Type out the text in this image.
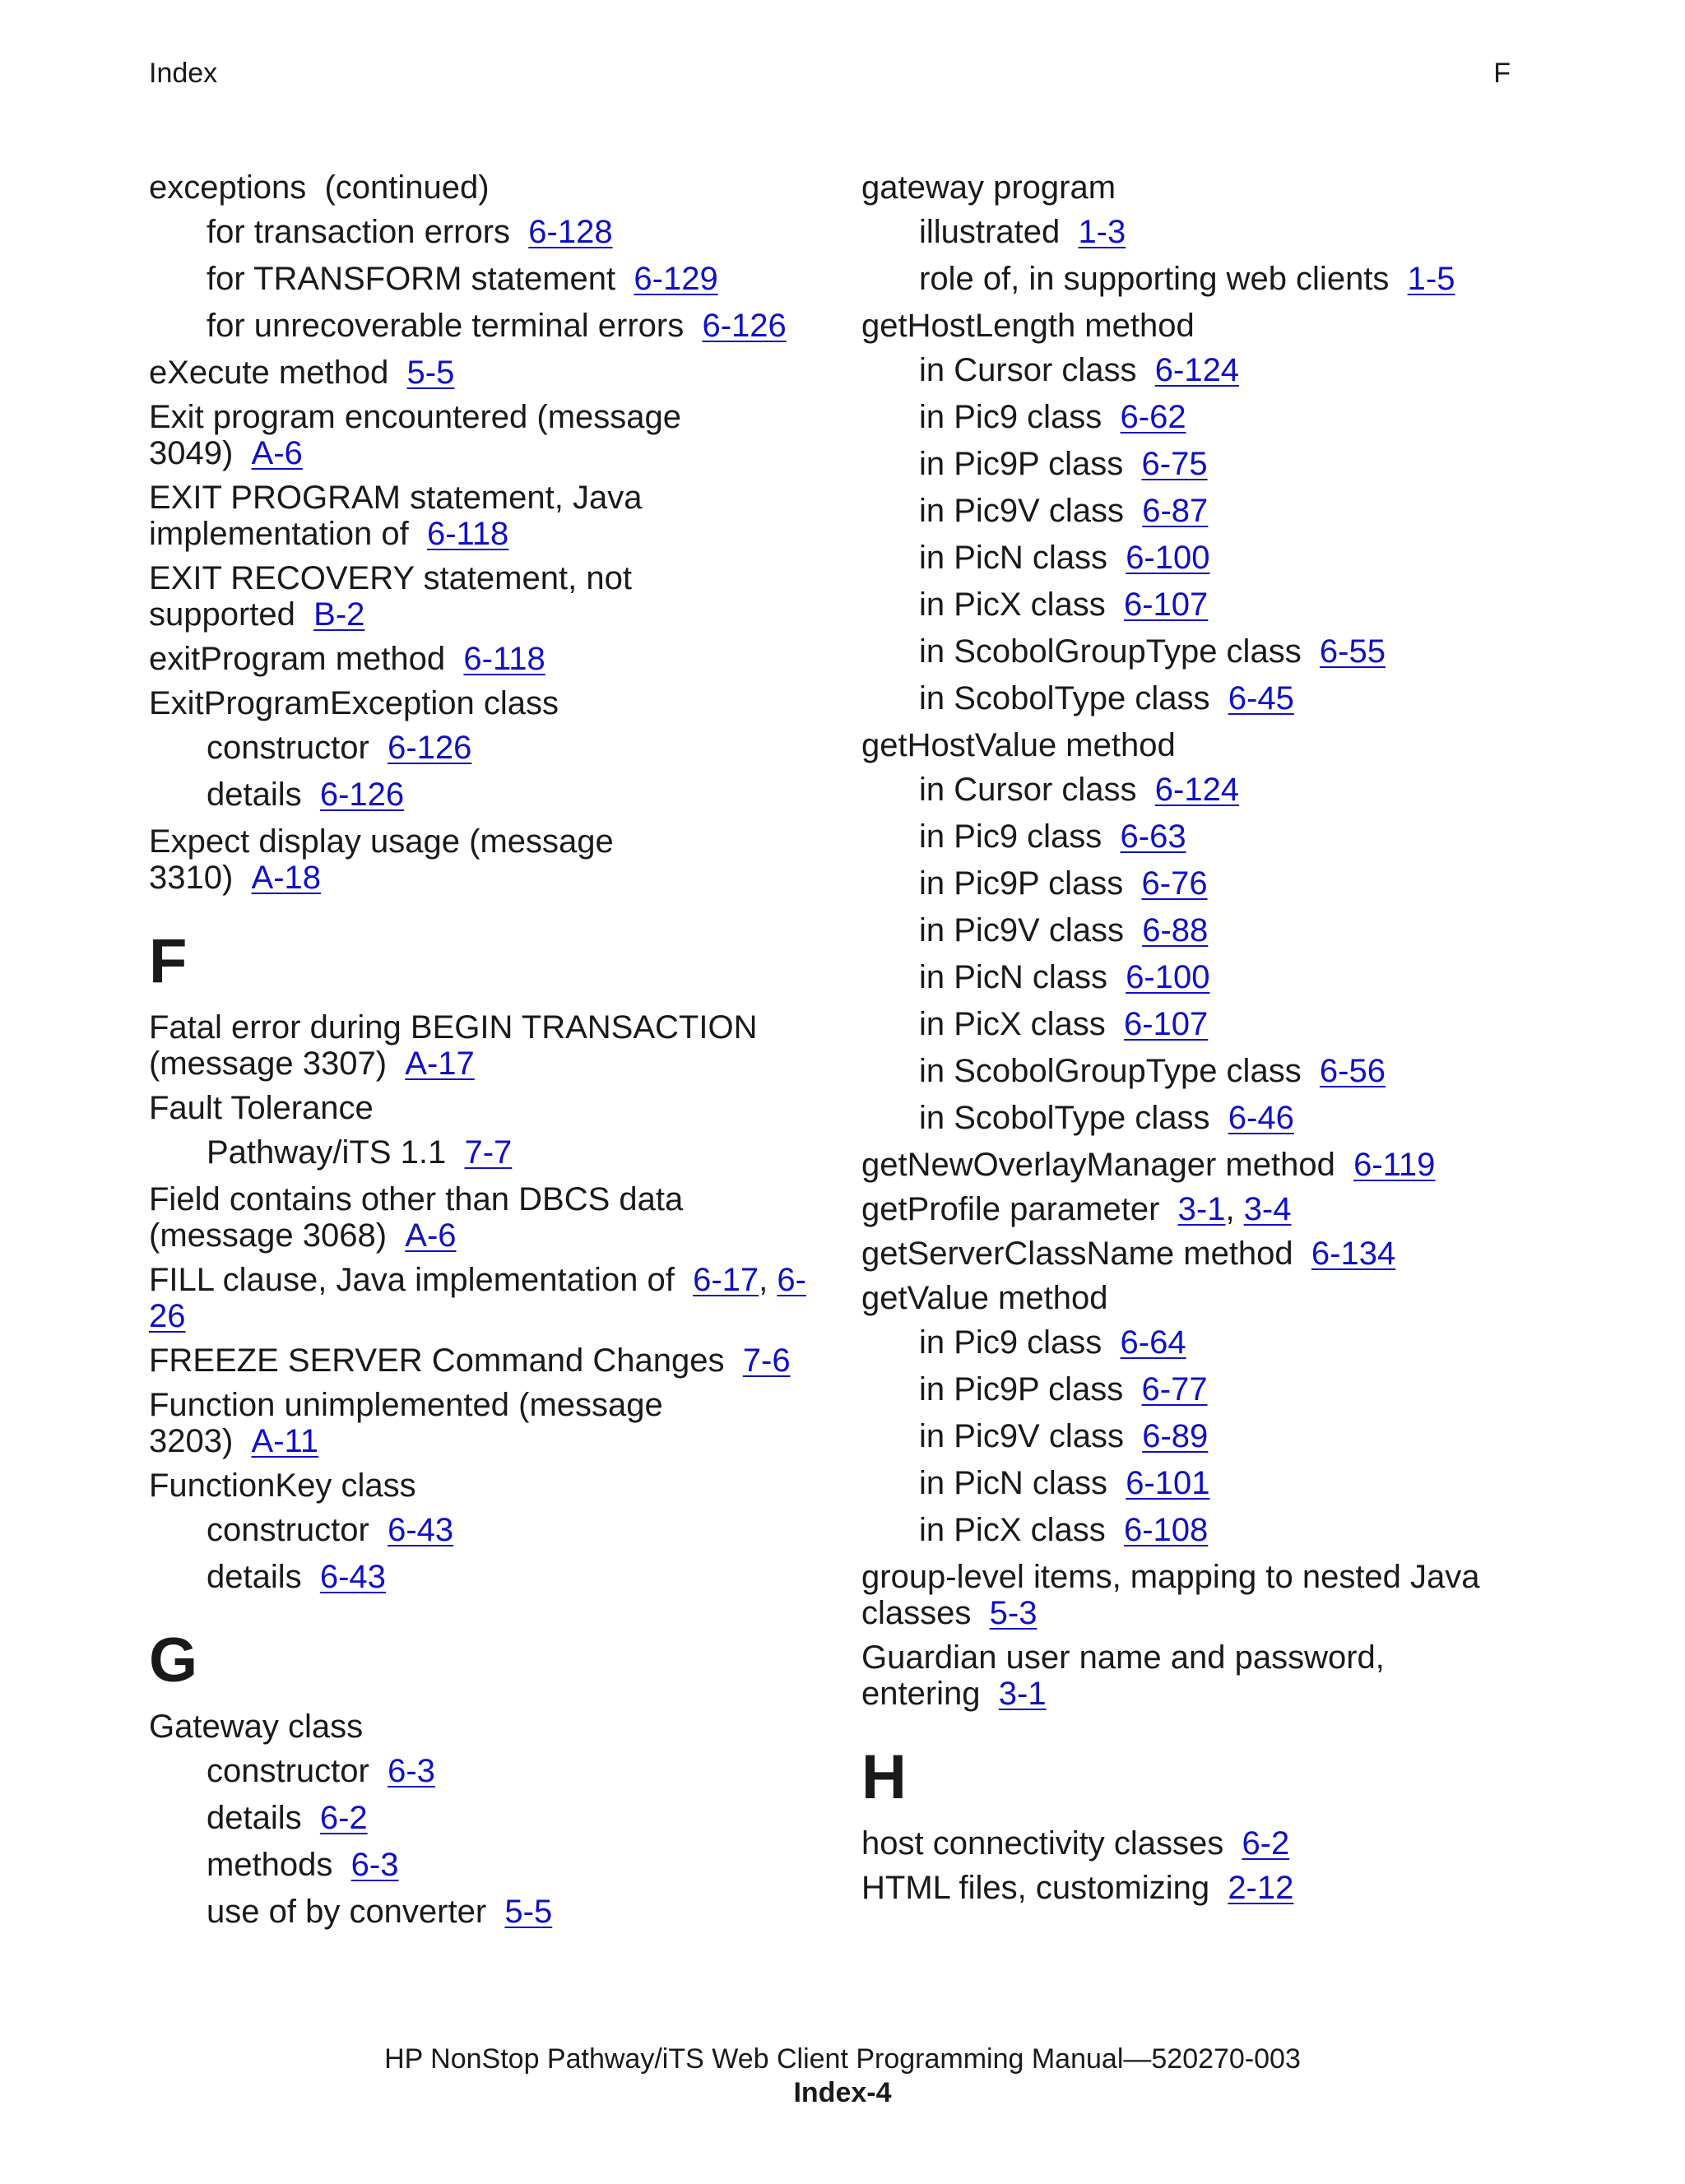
Index	F
exceptions  (continued)
for transaction errors 6-128
for TRANSFORM statement 6-129
for unrecoverable terminal errors 6-126
eXecute method 5-5
Exit program encountered (message
3049) A-6
EXIT PROGRAM statement, Java
implementation of 6-118
EXIT RECOVERY statement, not
supported B-2
exitProgram method 6-118
ExitProgramException class
constructor 6-126
details 6-126
Expect display usage (message
3310) A-18
F
Fatal error during BEGIN TRANSACTION
(message 3307) A-17
Fault Tolerance
Pathway/iTS 1.1 7-7
Field contains other than DBCS data
(message 3068) A-6
FILL clause, Java implementation of 6-17, 6-26
FREEZE SERVER Command Changes 7-6
Function unimplemented (message
3203) A-11
FunctionKey class
constructor 6-43
details 6-43
G
Gateway class
constructor 6-3
details 6-2
methods 6-3
use of by converter 5-5
gateway program
illustrated 1-3
role of, in supporting web clients 1-5
getHostLength method
in Cursor class 6-124
in Pic9 class 6-62
in Pic9P class 6-75
in Pic9V class 6-87
in PicN class 6-100
in PicX class 6-107
in ScobolGroupType class 6-55
in ScobolType class 6-45
getHostValue method
in Cursor class 6-124
in Pic9 class 6-63
in Pic9P class 6-76
in Pic9V class 6-88
in PicN class 6-100
in PicX class 6-107
in ScobolGroupType class 6-56
in ScobolType class 6-46
getNewOverlayManager method 6-119
getProfile parameter 3-1, 3-4
getServerClassName method 6-134
getValue method
in Pic9 class 6-64
in Pic9P class 6-77
in Pic9V class 6-89
in PicN class 6-101
in PicX class 6-108
group-level items, mapping to nested Java
classes 5-3
Guardian user name and password,
entering 3-1
H
host connectivity classes 6-2
HTML files, customizing 2-12
HP NonStop Pathway/iTS Web Client Programming Manual—520270-003
Index-4
